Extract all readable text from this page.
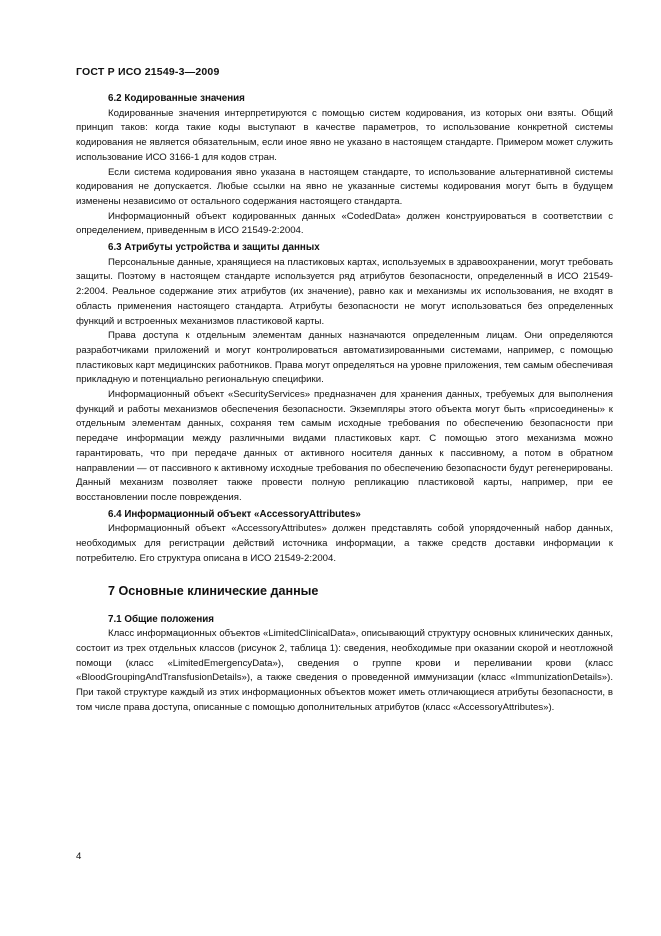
ГОСТ Р ИСО 21549-3—2009
6.2 Кодированные значения

Кодированные значения интерпретируются с помощью систем кодирования, из которых они взяты. Общий принцип таков: когда такие коды выступают в качестве параметров, то использование конкретной системы кодирования не является обязательным, если иное явно не указано в настоящем стандарте. Примером может служить использование ИСО 3166-1 для кодов стран.

Если система кодирования явно указана в настоящем стандарте, то использование альтернативной системы кодирования не допускается. Любые ссылки на явно не указанные системы кодирования могут быть в будущем изменены независимо от остального содержания настоящего стандарта.

Информационный объект кодированных данных «CodedData» должен конструироваться в соответствии с определением, приведенным в ИСО 21549-2:2004.

6.3 Атрибуты устройства и защиты данных

Персональные данные, хранящиеся на пластиковых картах, используемых в здравоохранении, могут требовать защиты. Поэтому в настоящем стандарте используется ряд атрибутов безопасности, определенный в ИСО 21549-2:2004. Реальное содержание этих атрибутов (их значение), равно как и механизмы их использования, не входят в область применения настоящего стандарта. Атрибуты безопасности не могут использоваться без определенных функций и встроенных механизмов пластиковой карты.

Права доступа к отдельным элементам данных назначаются определенным лицам. Они определяются разработчиками приложений и могут контролироваться автоматизированными системами, например, с помощью пластиковых карт медицинских работников. Права могут определяться на уровне приложения, тем самым обеспечивая прикладную и потенциально региональную специфики.

Информационный объект «SecurityServices» предназначен для хранения данных, требуемых для выполнения функций и работы механизмов обеспечения безопасности. Экземпляры этого объекта могут быть «присоединены» к отдельным элементам данных, сохраняя тем самым исходные требования по обеспечению безопасности при передаче информации между различными видами пластиковых карт. С помощью этого механизма можно гарантировать, что при передаче данных от активного носителя данных к пассивному, а потом в обратном направлении — от пассивного к активному исходные требования по обеспечению безопасности будут регенерированы. Данный механизм позволяет также провести полную репликацию пластиковой карты, например, при ее восстановлении после повреждения.

6.4 Информационный объект «AccessoryAttributes»

Информационный объект «AccessoryAttributes» должен представлять собой упорядоченный набор данных, необходимых для регистрации действий источника информации, а также средств доставки информации к потребителю. Его структура описана в ИСО 21549-2:2004.

7 Основные клинические данные
7.1 Общие положения

Класс информационных объектов «LimitedClinicalData», описывающий структуру основных клинических данных, состоит из трех отдельных классов (рисунок 2, таблица 1): сведения, необходимые при оказании скорой и неотложной помощи (класс «LimitedEmergencyData»), сведения о группе крови и переливании крови (класс «BloodGroupingAndTransfusionDetails»), а также сведения о проведенной иммунизации (класс «ImmunizationDetails»). При такой структуре каждый из этих информационных объектов может иметь отличающиеся атрибуты безопасности, в том числе права доступа, описанные с помощью дополнительных атрибутов (класс «AccessoryAttributes»).

4
